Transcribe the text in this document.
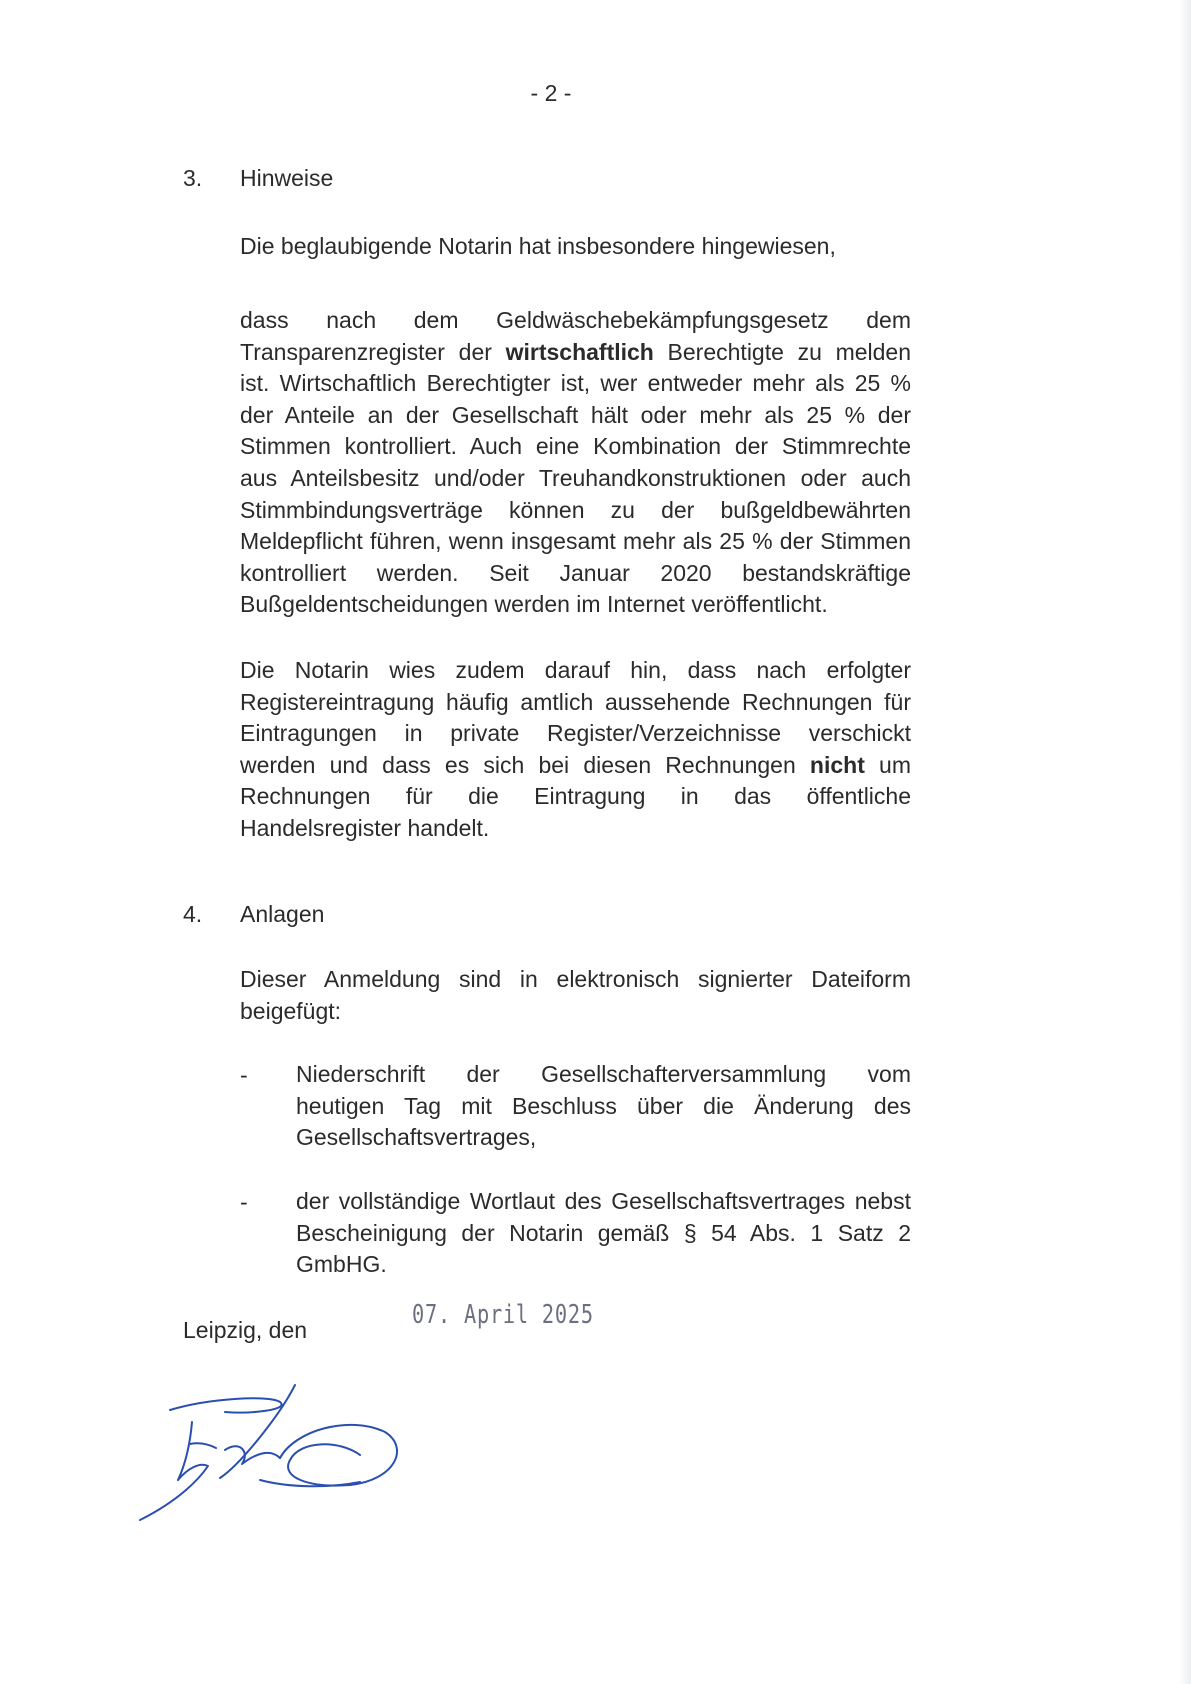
- 2 -
3. Hinweise
Die beglaubigende Notarin hat insbesondere hingewiesen,
dass nach dem Geldwäschebekämpfungsgesetz dem
Transparenzregister der wirtschaftlich Berechtigte zu melden
ist. Wirtschaftlich Berechtigter ist, wer entweder mehr als 25 %
der Anteile an der Gesellschaft hält oder mehr als 25 % der
Stimmen kontrolliert. Auch eine Kombination der Stimmrechte
aus Anteilsbesitz und/oder Treuhandkonstruktionen oder auch
Stimmbindungsverträge können zu der bußgeldbewährten
Meldepflicht führen, wenn insgesamt mehr als 25 % der Stimmen
kontrolliert werden. Seit Januar 2020 bestandskräftige
Bußgeldentscheidungen werden im Internet veröffentlicht.
Die Notarin wies zudem darauf hin, dass nach erfolgter
Registereintragung häufig amtlich aussehende Rechnungen für
Eintragungen in private Register/Verzeichnisse verschickt
werden und dass es sich bei diesen Rechnungen nicht um
Rechnungen für die Eintragung in das öffentliche
Handelsregister handelt.
4. Anlagen
Dieser Anmeldung sind in elektronisch signierter Dateiform
beigefügt:
- Niederschrift der Gesellschafterversammlung vom
heutigen Tag mit Beschluss über die Änderung des
Gesellschaftsvertrages,
- der vollständige Wortlaut des Gesellschaftsvertrages nebst
Bescheinigung der Notarin gemäß § 54 Abs. 1 Satz 2
GmbHG.
Leipzig, den	07. April 2025
